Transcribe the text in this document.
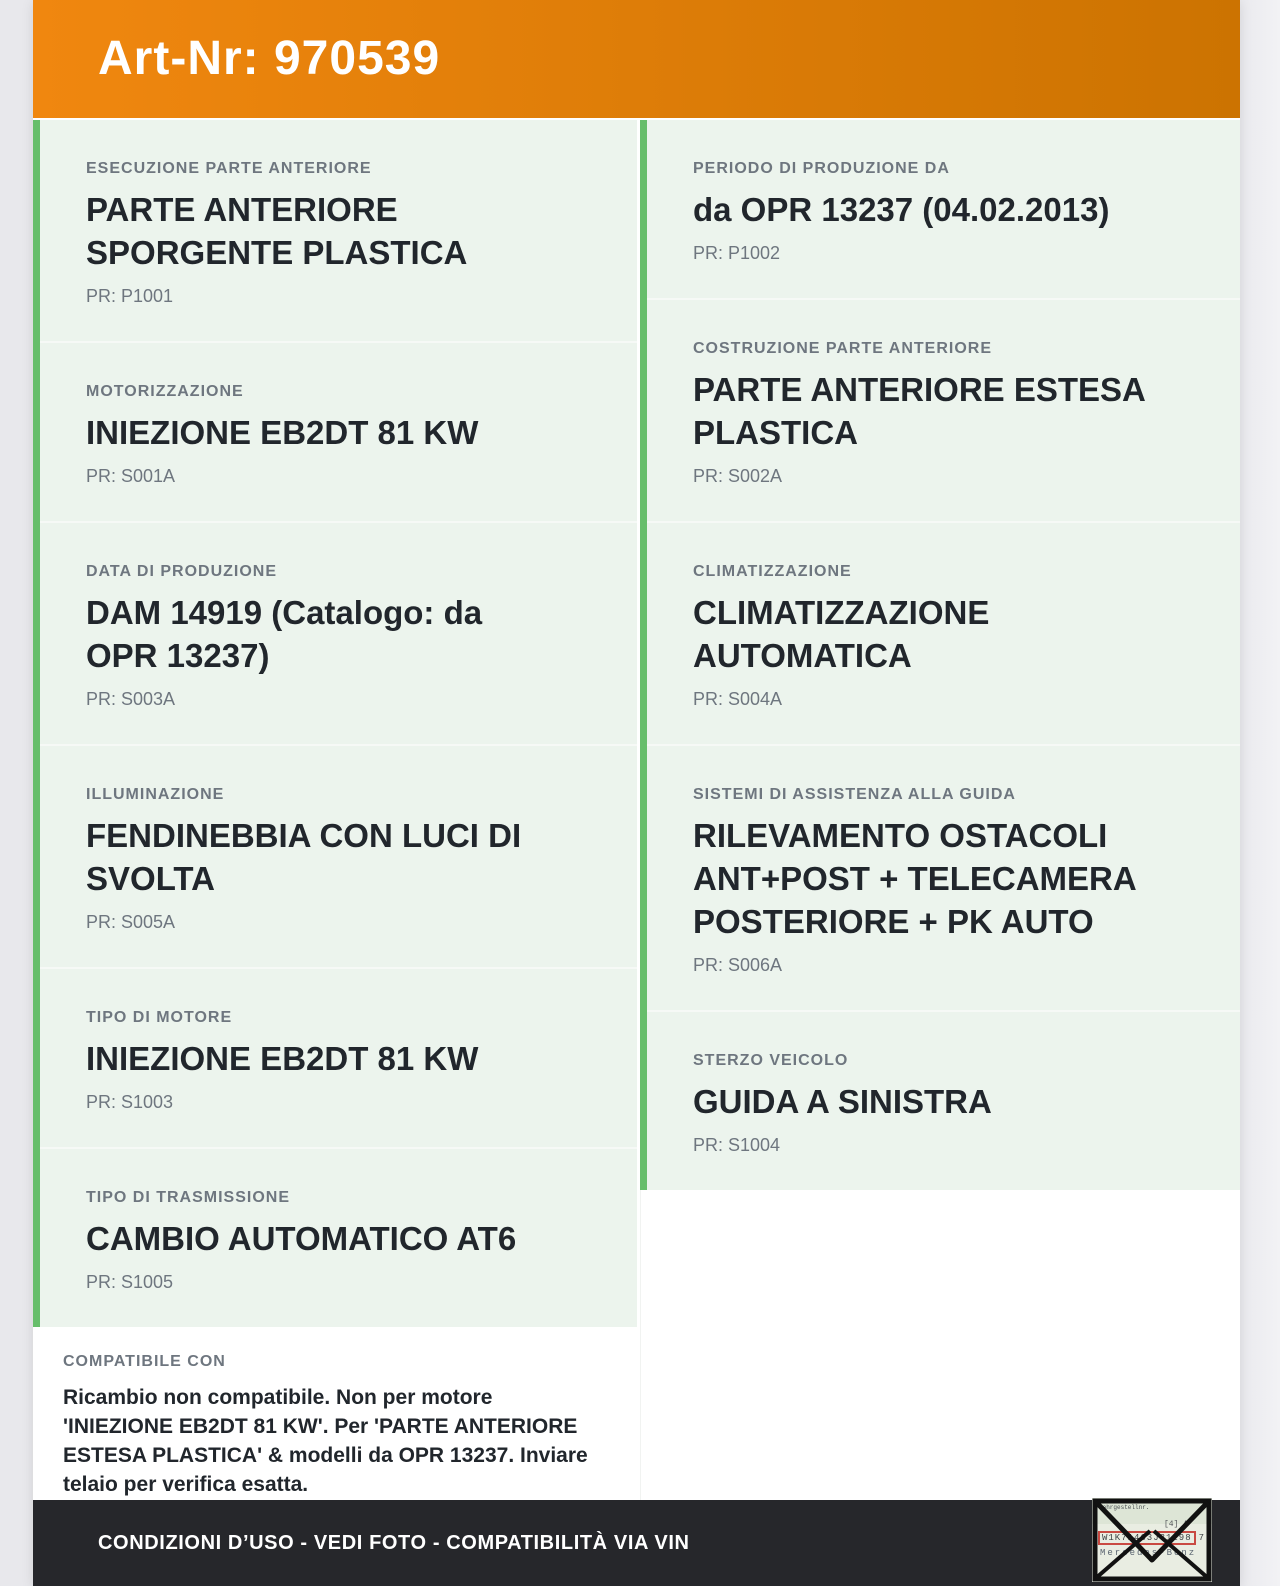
Art-Nr: 970539
ESECUZIONE PARTE ANTERIORE
PARTE ANTERIORE SPORGENTE PLASTICA
PR: P1001
MOTORIZZAZIONE
INIEZIONE EB2DT 81 KW
PR: S001A
DATA DI PRODUZIONE
DAM 14919 (Catalogo: da OPR 13237)
PR: S003A
ILLUMINAZIONE
FENDINEBBIA CON LUCI DI SVOLTA
PR: S005A
TIPO DI MOTORE
INIEZIONE EB2DT 81 KW
PR: S1003
TIPO DI TRASMISSIONE
CAMBIO AUTOMATICO AT6
PR: S1005
COMPATIBILE CON

Ricambio non compatibile. Non per motore 'INIEZIONE EB2DT 81 KW'. Per 'PARTE ANTERIORE ESTESA PLASTICA' & modelli da OPR 13237. Inviare telaio per verifica esatta.

PERIODO DI PRODUZIONE DA
da OPR 13237 (04.02.2013)
PR: P1002
COSTRUZIONE PARTE ANTERIORE
PARTE ANTERIORE ESTESA PLASTICA
PR: S002A
CLIMATIZZAZIONE
CLIMATIZZAZIONE AUTOMATICA
PR: S004A
SISTEMI DI ASSISTENZA ALLA GUIDA
RILEVAMENTO OSTACOLI ANT+POST + TELECAMERA POSTERIORE + PK AUTO
PR: S006A
STERZO VEICOLO
GUIDA A SINISTRA
PR: S1004
CONDIZIONI D’USO - VEDI FOTO - COMPATIBILITÀ VIA VIN
Fahrgestellnr.
[4] A
W1K71463J31298 7
Mercedes-Benz
